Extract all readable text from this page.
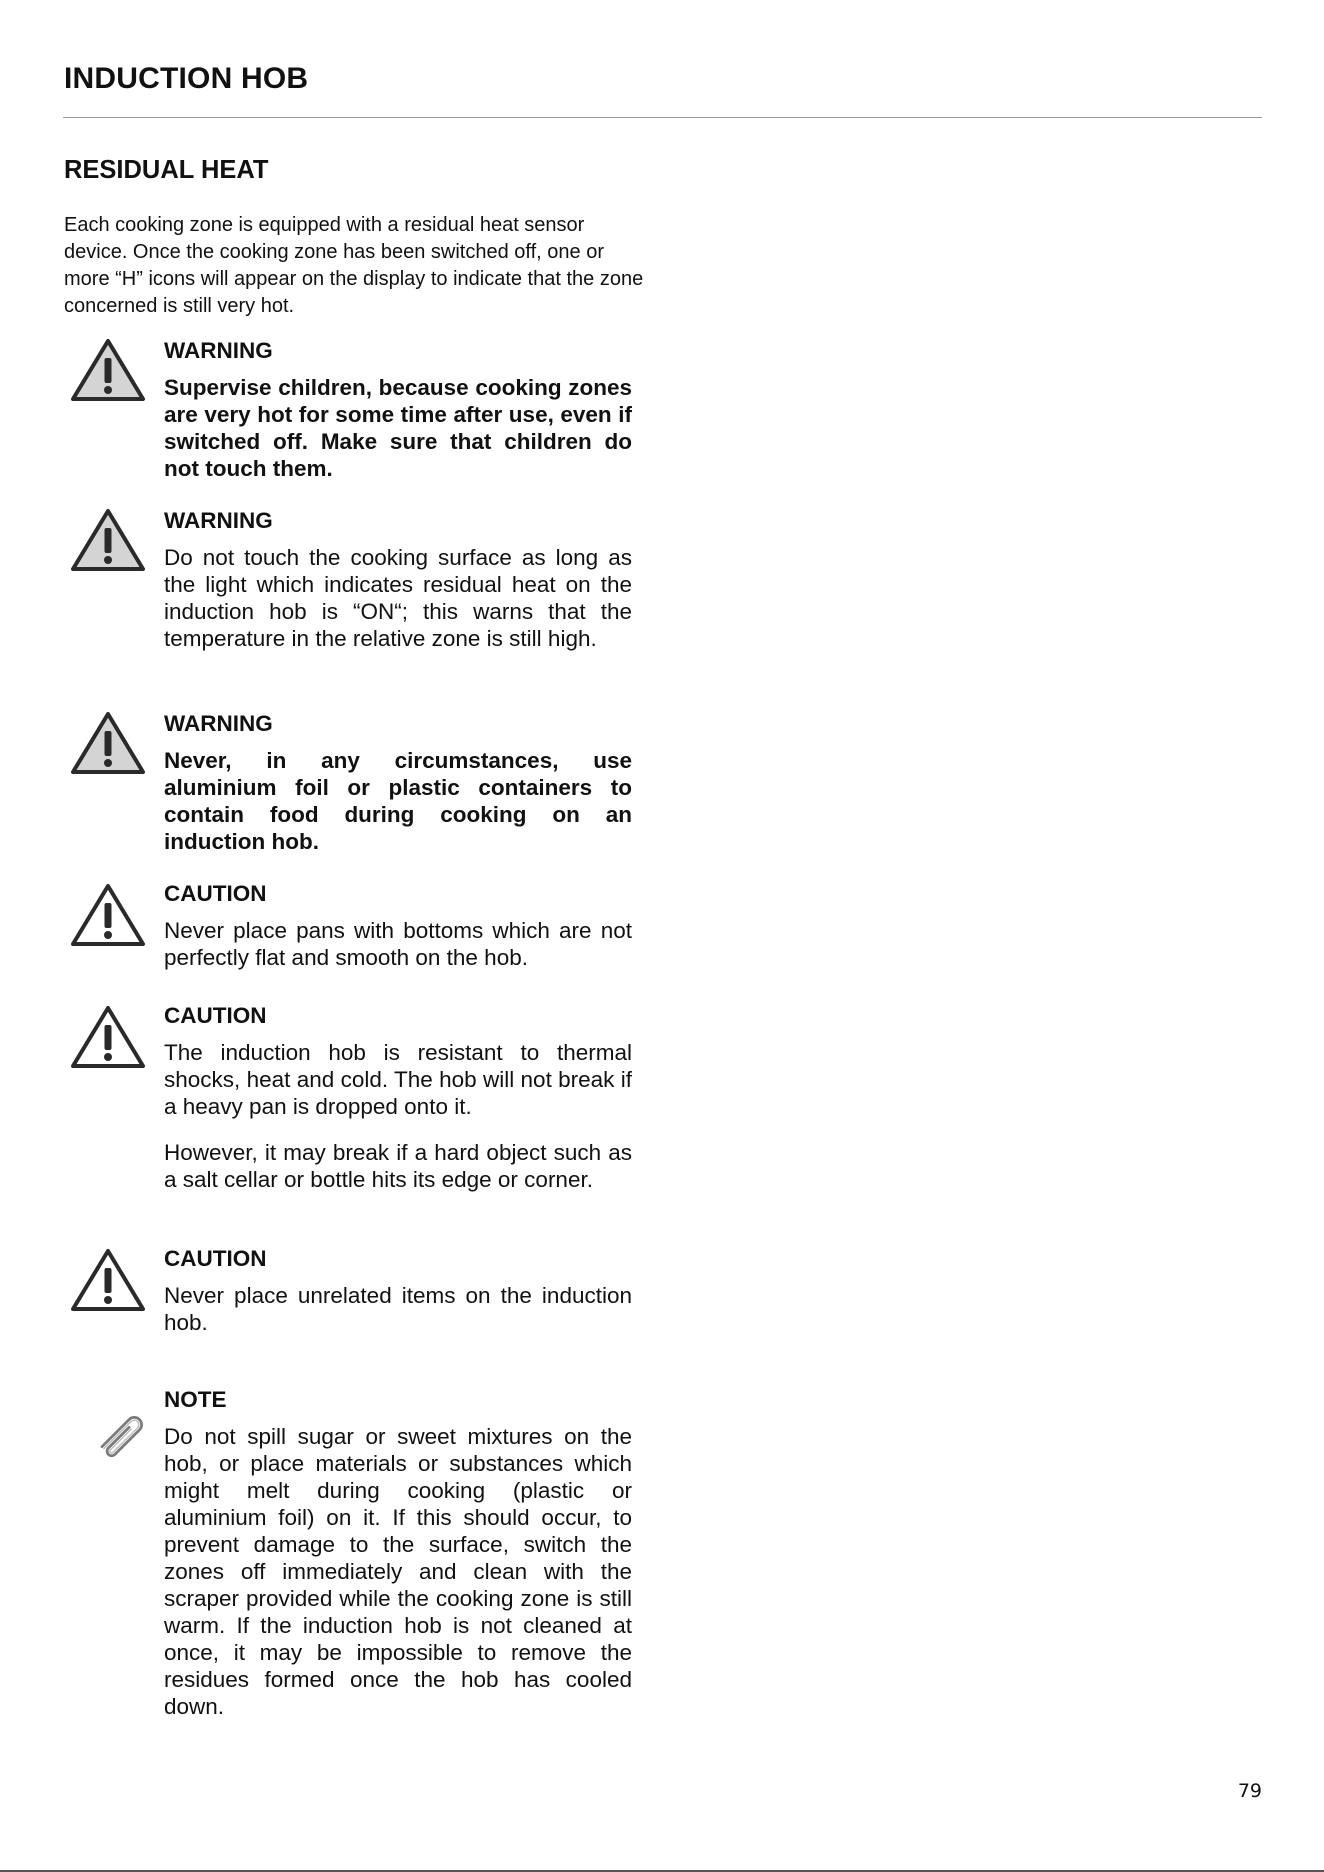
INDUCTION HOB
RESIDUAL HEAT

Each cooking zone is equipped with a residual heat sensor device. Once the cooking zone has been switched off, one or more “H” icons will appear on the display to indicate that the zone concerned is still very hot.

WARNING

Supervise children, because cooking zones are very hot for some time after use, even if switched off. Make sure that children do not touch them.

WARNING

Do not touch the cooking surface as long as the light which indicates residual heat on the induction hob is “ON“; this warns that the temperature in the relative zone is still high.

WARNING

Never, in any circumstances, use aluminium foil or plastic containers to contain food during cooking on an induction hob.

CAUTION

Never place pans with bottoms which are not perfectly flat and smooth on the hob.

CAUTION

The induction hob is resistant to thermal shocks, heat and cold. The hob will not break if a heavy pan is dropped onto it.

However, it may break if a hard object such as a salt cellar or bottle hits its edge or corner.

CAUTION

Never place unrelated items on the induction hob.

NOTE

Do not spill sugar or sweet mixtures on the hob, or place materials or substances which might melt during cooking (plastic or aluminium foil) on it. If this should occur, to prevent damage to the surface, switch the zones off immediately and clean with the scraper provided while the cooking zone is still warm. If the induction hob is not cleaned at once, it may be impossible to remove the residues formed once the hob has cooled down.

79
